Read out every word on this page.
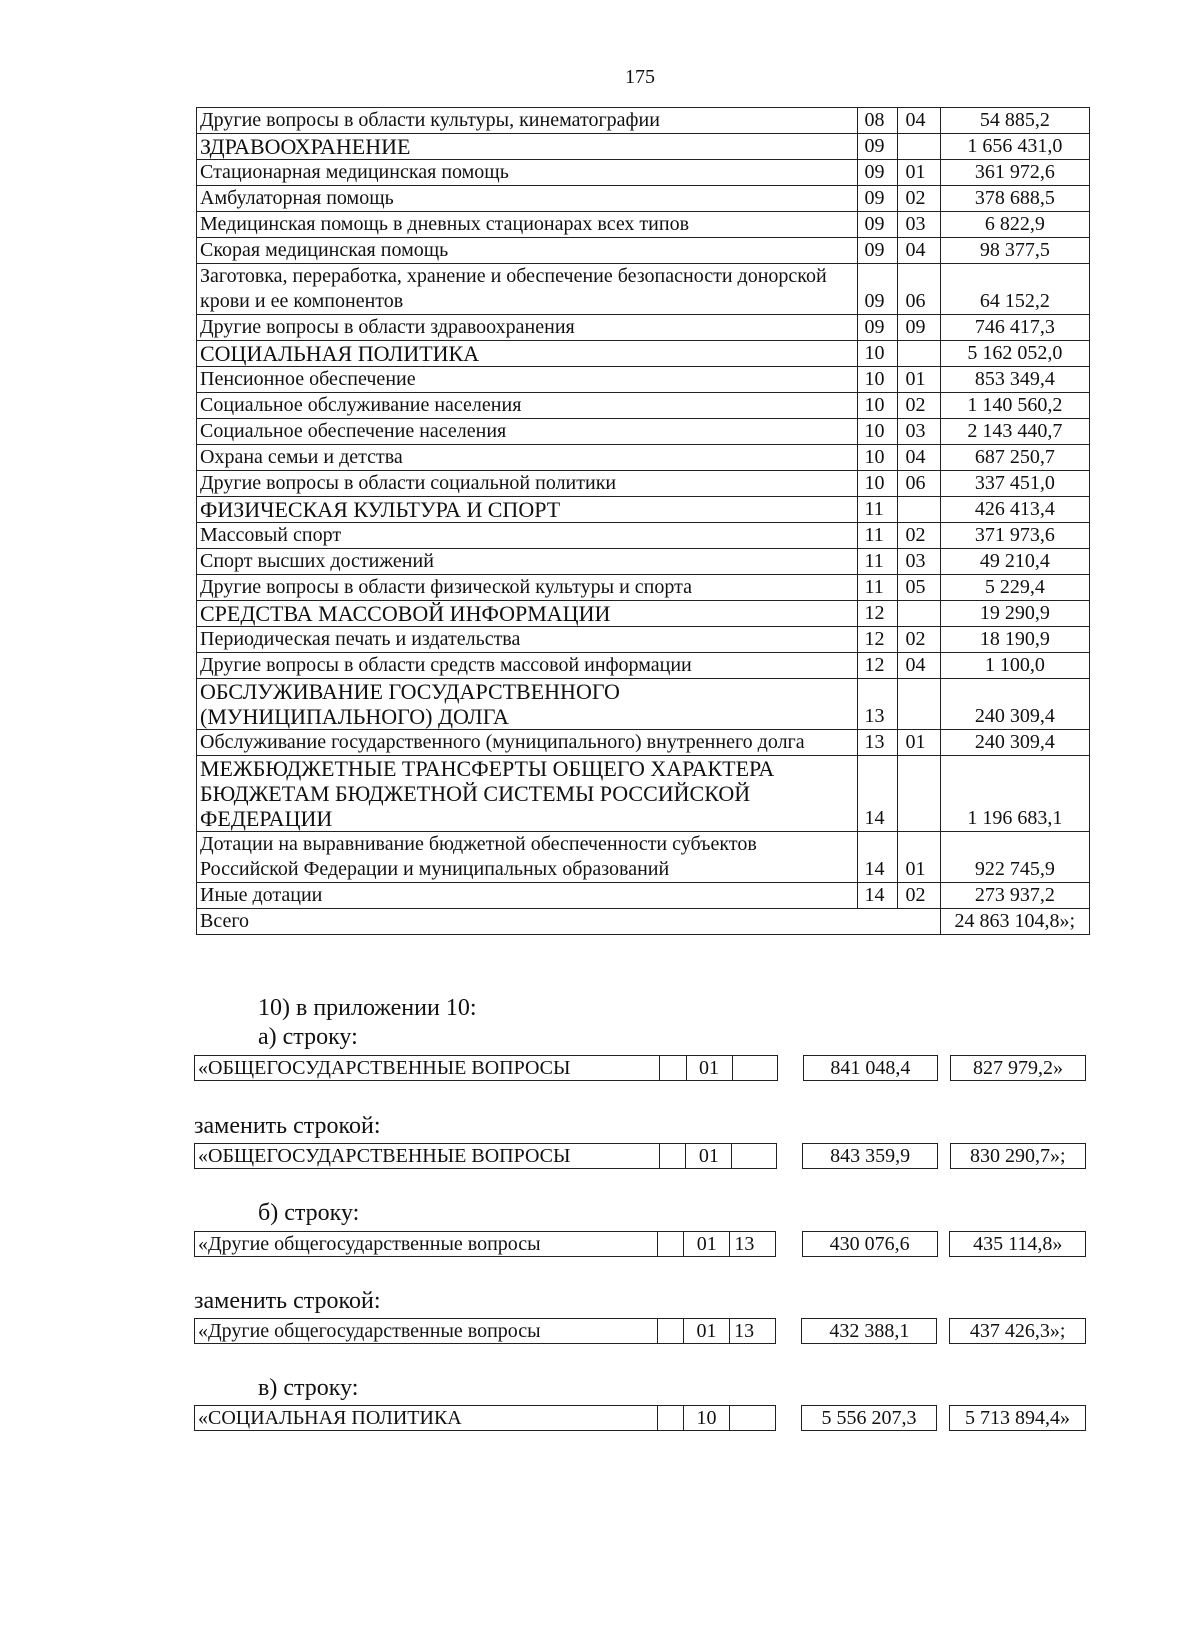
175
Другие вопросы в области культуры, кинематографии	08	04	54 885,2
ЗДРАВООХРАНЕНИЕ	09		1 656 431,0
Стационарная медицинская помощь	09	01	361 972,6
Амбулаторная помощь	09	02	378 688,5
Медицинская помощь в дневных стационарах всех типов	09	03	6 822,9
Скорая медицинская помощь	09	04	98 377,5
Заготовка, переработка, хранение и обеспечение безопасности донорской крови и ее компонентов	09	06	64 152,2
Другие вопросы в области здравоохранения	09	09	746 417,3
СОЦИАЛЬНАЯ ПОЛИТИКА	10		5 162 052,0
Пенсионное обеспечение	10	01	853 349,4
Социальное обслуживание населения	10	02	1 140 560,2
Социальное обеспечение населения	10	03	2 143 440,7
Охрана семьи и детства	10	04	687 250,7
Другие вопросы в области социальной политики	10	06	337 451,0
ФИЗИЧЕСКАЯ КУЛЬТУРА И СПОРТ	11		426 413,4
Массовый спорт	11	02	371 973,6
Спорт высших достижений	11	03	49 210,4
Другие вопросы в области физической культуры и спорта	11	05	5 229,4
СРЕДСТВА МАССОВОЙ ИНФОРМАЦИИ	12		19 290,9
Периодическая печать и издательства	12	02	18 190,9
Другие вопросы в области средств массовой информации	12	04	1 100,0
ОБСЛУЖИВАНИЕ ГОСУДАРСТВЕННОГО (МУНИЦИПАЛЬНОГО) ДОЛГА	13		240 309,4
Обслуживание государственного (муниципального) внутреннего долга	13	01	240 309,4
МЕЖБЮДЖЕТНЫЕ ТРАНСФЕРТЫ ОБЩЕГО ХАРАКТЕРА БЮДЖЕТАМ БЮДЖЕТНОЙ СИСТЕМЫ РОССИЙСКОЙ ФЕДЕРАЦИИ	14		1 196 683,1
Дотации на выравнивание бюджетной обеспеченности субъектов Российской Федерации и муниципальных образований	14	01	922 745,9
Иные дотации	14	02	273 937,2
Всего			24 863 104,8»;
10) в приложении 10:
а) строку:
«ОБЩЕГОСУДАРСТВЕННЫЕ ВОПРОСЫ		01			841 048,4		827 979,2»
заменить строкой:
«ОБЩЕГОСУДАРСТВЕННЫЕ ВОПРОСЫ		01			843 359,9		830 290,7»;
б) строку:
«Другие общегосударственные вопросы		01	13		430 076,6		435 114,8»
заменить строкой:
«Другие общегосударственные вопросы		01	13		432 388,1		437 426,3»;
в) строку:
«СОЦИАЛЬНАЯ ПОЛИТИКА		10			5 556 207,3		5 713 894,4»
